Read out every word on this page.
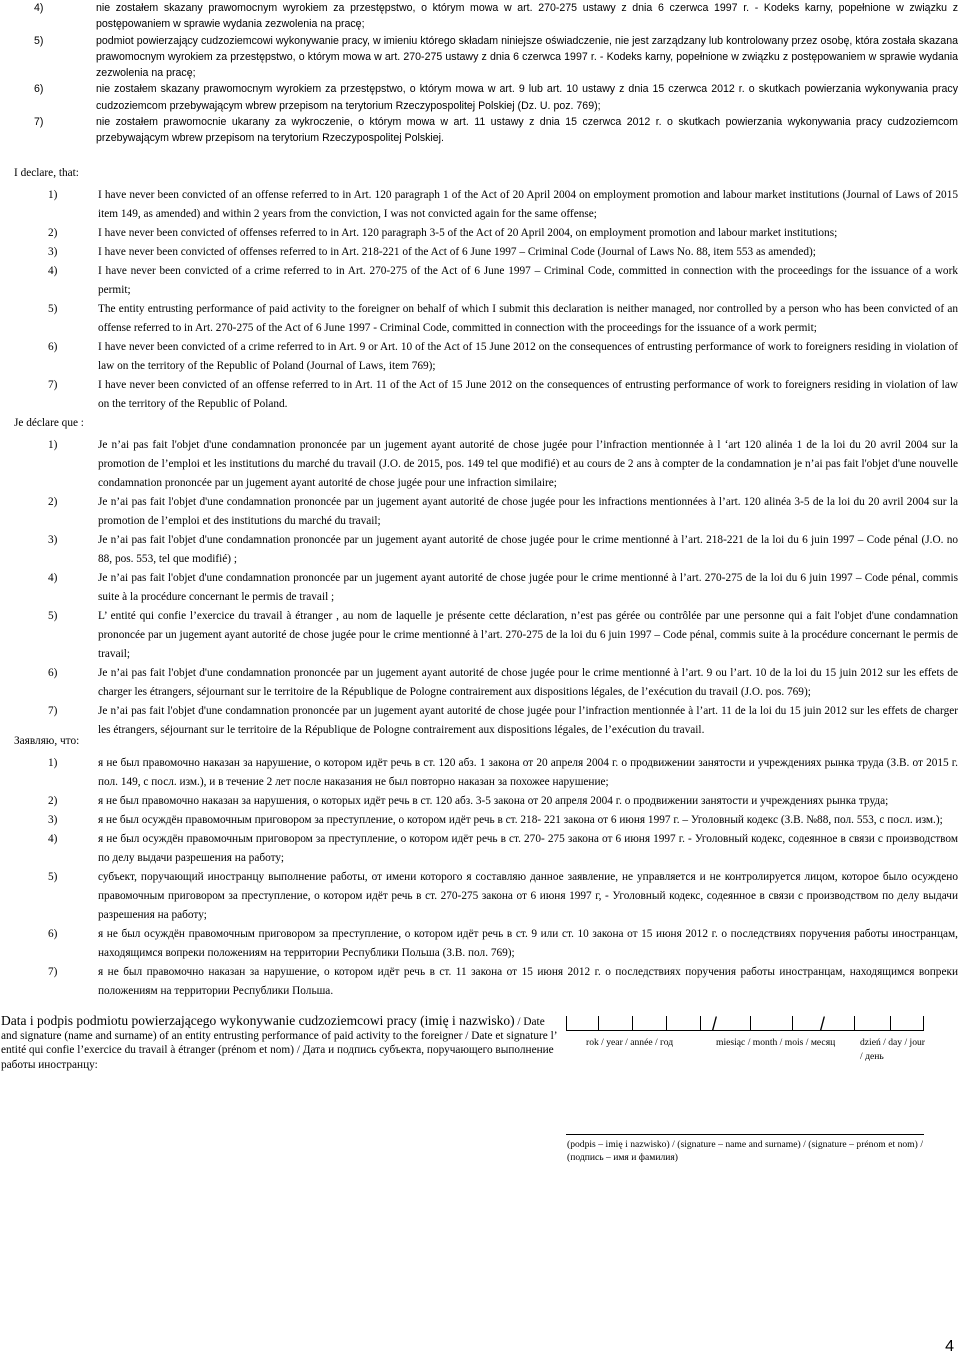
4)	nie zostałem skazany prawomocnym wyrokiem za przestępstwo, o którym mowa w art. 270-275 ustawy z dnia 6 czerwca 1997 r. - Kodeks karny, popełnione w związku z postępowaniem w sprawie wydania zezwolenia na pracę;
5)	podmiot powierzający cudzoziemcowi wykonywanie pracy, w imieniu którego składam niniejsze oświadczenie, nie jest zarządzany lub kontrolowany przez osobę, która została skazana prawomocnym wyrokiem za przestępstwo, o którym mowa w art. 270-275 ustawy z dnia 6 czerwca 1997 r. - Kodeks karny, popełnione w związku z postępowaniem w sprawie wydania zezwolenia na pracę;
6)	nie zostałem skazany prawomocnym wyrokiem za przestępstwo, o którym mowa w art. 9 lub art. 10 ustawy z dnia 15 czerwca 2012 r. o skutkach powierzania wykonywania pracy cudzoziemcom przebywającym wbrew przepisom na terytorium Rzeczypospolitej Polskiej (Dz. U. poz. 769);
7)	nie zostałem prawomocnie ukarany za wykroczenie, o którym mowa w art. 11 ustawy z dnia 15 czerwca 2012 r. o skutkach powierzania wykonywania pracy cudzoziemcom przebywającym wbrew przepisom na terytorium Rzeczypospolitej Polskiej.
I declare, that:
1)	I have never been convicted of an offense referred to in Art. 120 paragraph 1 of the Act of 20 April 2004 on employment promotion and labour market institutions (Journal of Laws of 2015 item 149, as amended) and within 2 years from the conviction, I was not convicted again for the same offense;
2)	I have never been convicted of offenses referred to in Art. 120 paragraph 3-5 of the Act of 20 April 2004, on employment promotion and labour market institutions;
3)	I have never been convicted of offenses referred to in Art. 218-221 of the Act of 6 June 1997 – Criminal Code (Journal of Laws No. 88, item 553 as amended);
4)	I have never been convicted of a crime referred to in Art. 270-275 of the Act of 6 June 1997 – Criminal Code, committed in connection with the proceedings for the issuance of a work permit;
5)	The entity entrusting performance of paid activity to the foreigner on behalf of which I submit this declaration is neither managed, nor controlled by a person who has been convicted of an offense referred to in Art. 270-275 of the Act of 6 June 1997 - Criminal Code, committed in connection with the proceedings for the issuance of a work permit;
6)	I have never been convicted of a crime referred to in Art. 9 or Art. 10 of the Act of 15 June 2012 on the consequences of entrusting performance of work to foreigners residing in violation of law on the territory of the Republic of Poland (Journal of Laws, item 769);
7)	I have never been convicted of an offense referred to in Art. 11 of the Act of 15 June 2012 on the consequences of entrusting performance of work to foreigners residing in violation of law on the territory of the Republic of Poland.
Je déclare que :
1)	Je n’ai pas fait l'objet d'une condamnation prononcée par un jugement ayant autorité de chose jugée pour l’infraction mentionnée à l ‘art 120 alinéa 1 de la loi du 20 avril 2004 sur la promotion de l’emploi et les institutions du marché du travail (J.O. de 2015, pos. 149 tel que modifié) et au cours de 2 ans à compter de la condamnation je n’ai pas fait l'objet d'une nouvelle condamnation prononcée par un jugement ayant autorité de chose jugée pour une infraction similaire;
2)	Je n’ai pas fait l'objet d'une condamnation prononcée par un jugement ayant autorité de chose jugée pour les infractions mentionnées à l’art. 120 alinéa 3-5 de la loi du 20 avril 2004 sur la promotion de l’emploi et des institutions du marché du travail;
3)	Je n’ai pas fait l'objet d'une condamnation prononcée par un jugement ayant autorité de chose jugée pour le crime mentionné à l’art. 218-221 de la loi du 6 juin 1997 – Code pénal (J.O. no 88, pos. 553, tel que modifié) ;
4)	Je n’ai pas fait l'objet d'une condamnation prononcée par un jugement ayant autorité de chose jugée pour le crime mentionné à l’art. 270-275 de la loi du 6 juin 1997 – Code pénal, commis suite à la procédure concernant le permis de travail ;
5)	L’ entité qui confie l’exercice du travail à étranger , au nom de laquelle je présente cette déclaration, n’est pas gérée ou contrôlée par une personne qui a fait l'objet d'une condamnation prononcée par un jugement ayant autorité de chose jugée pour le crime mentionné à l’art. 270-275 de la loi du 6 juin 1997 – Code pénal, commis suite à la procédure concernant le permis de travail;
6)	Je n’ai pas fait l'objet d'une condamnation prononcée par un jugement ayant autorité de chose jugée pour le crime mentionné à l’art. 9 ou l’art. 10 de la loi du 15 juin 2012 sur les effets de charger les étrangers, séjournant sur le territoire de la République de Pologne contrairement aux dispositions légales, de l’exécution du travail (J.O. pos. 769);
7)	Je n’ai pas fait l'objet d'une condamnation prononcée par un jugement ayant autorité de chose jugée pour l’infraction mentionnée à l’art. 11 de la loi du 15 juin 2012 sur les effets de charger les étrangers, séjournant sur le territoire de la République de Pologne contrairement aux dispositions légales, de l’exécution du travail.
Заявляю, что:
1)	я не был правомочно наказан за нарушение, о котором идёт речь в ст. 120 абз. 1 закона от 20 апреля 2004 г. о продвижении занятости и учреждениях рынка труда (З.В. от 2015 г. пол. 149, с посл. изм.), и в течение 2 лет после наказания не был повторно наказан за похожее нарушение;
2)	я не был правомочно наказан за нарушения, о которых идёт речь в ст. 120 абз. 3-5 закона от 20 апреля 2004 г. о продвижении занятости и учреждениях рынка труда;
3)	я не был осуждён правомочным приговором за преступление, о котором идёт речь в ст. 218- 221 закона от 6 июня 1997 г. – Уголовный кодекс (З.В. №88, пол. 553, с посл. изм.);
4)	я не был осуждён правомочным приговором за преступление, о котором идёт речь в ст. 270- 275 закона от 6 июня 1997 г. - Уголовный кодекс, содеянное в связи с производством по делу выдачи разрешения на работу;
5)	субъект, поручающий иностранцу выполнение работы, от имени которого я составляю данное заявление, не управляется и не контролируется лицом, которое было осуждено правомочным приговором за преступление, о котором идёт речь в ст. 270-275 закона от 6 июня 1997 г, - Уголовный кодекс, содеянное в связи с производством по делу выдачи разрешения на работу;
6)	я не был осуждён правомочным приговором за преступление, о котором идёт речь в ст. 9 или ст. 10 закона от 15 июня 2012 г. о последствиях поручения работы иностранцам, находящимся вопреки положениям на территории Республики Польша (З.В. пол. 769);
7)	я не был правомочно наказан за нарушение, о котором идёт речь в ст. 11 закона от 15 июня 2012 г. о последствиях поручения работы иностранцам, находящимся вопреки положениям на территории Республики Польша.
Data i podpis podmiotu powierzającego wykonywanie cudzoziemcowi pracy (imię i nazwisko) / Date and signature (name and surname) of an entity entrusting performance of paid activity to the foreigner / Date et signature l’ entité qui confie l’exercice du travail à étranger (prénom et nom) / Дата и подпись субъекта, поручающего выполнение работы иностранцу:
/	/
rok / year / année / год	miesiąc / month / mois / месяц	dzień / day / jour / день
(podpis – imię i nazwisko) / (signature – name and surname) / (signature – prénom et nom) / (подпись – имя и фамилия)
4
